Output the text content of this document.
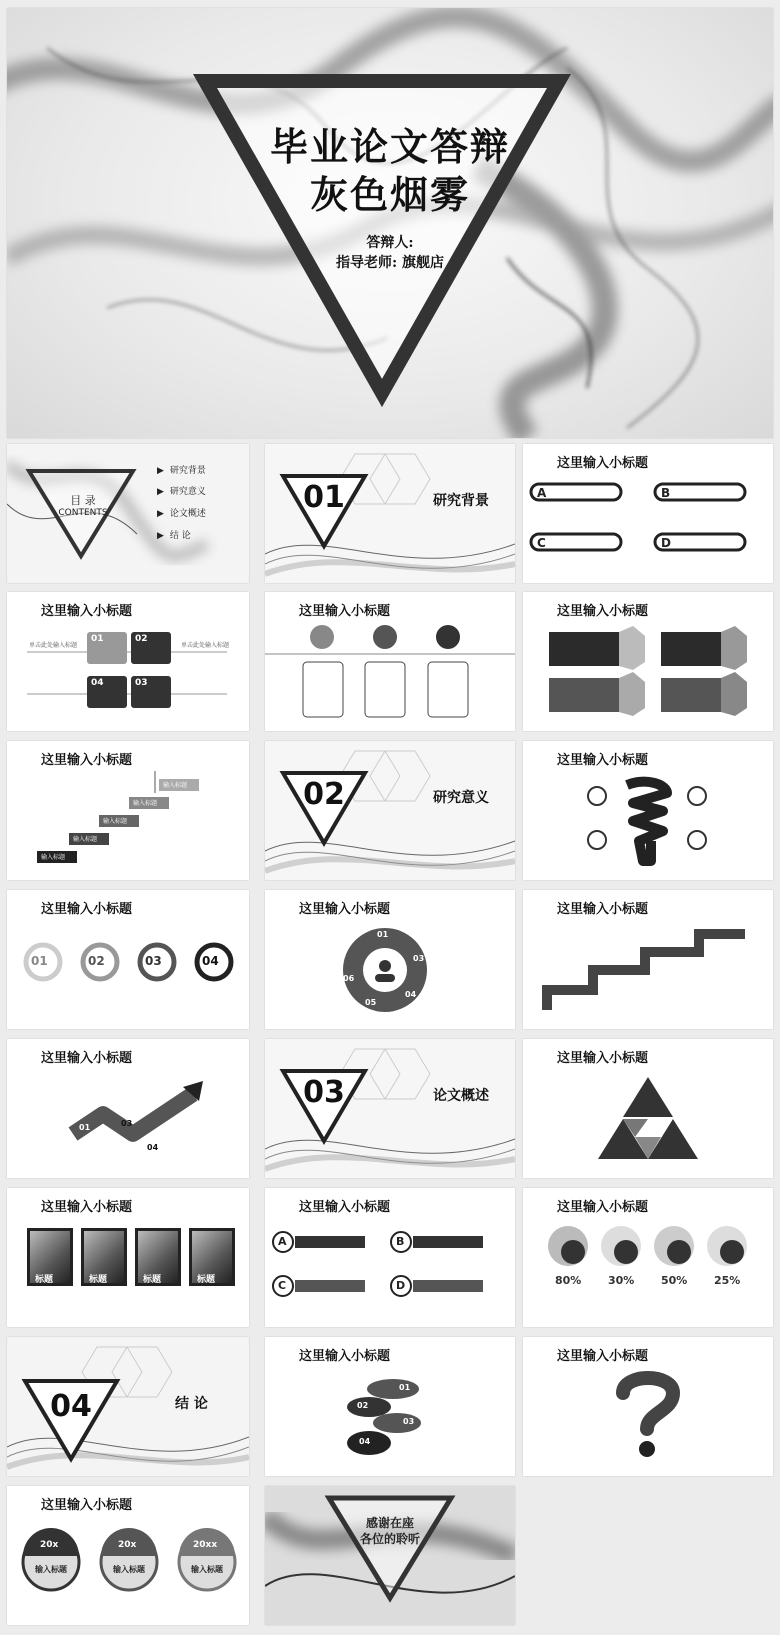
毕业论文答辩
灰色烟雾
答辩人:
指导老师: 旗舰店
目 录
CONTENTS
▶ 研究背景
▶ 研究意义
▶ 论文概述
▶ 结 论
01	研究背景
这里输入小标题
A	B
C	D
这里输入小标题
01	02
04	03
单击此处输入标题	单击此处输入标题
这里输入小标题	这里输入小标题
这里输入小标题
输入标题
输入标题
输入标题
输入标题
输入标题	02	研究意义
这里输入小标题
这里输入小标题
01	02	03	04
这里输入小标题
01
03
04
05
06
这里输入小标题
这里输入小标题
01
02
03
04
03	论文概述
这里输入小标题
这里输入小标题
标题	标题	标题	标题
这里输入小标题
A	B
C	D
这里输入小标题
80% 30% 50% 25%
04	结 论
这里输入小标题
01
02
03
04
这里输入小标题
这里输入小标题
20x	20x	20xx
输入标题	输入标题	输入标题
感谢在座
各位的聆听
